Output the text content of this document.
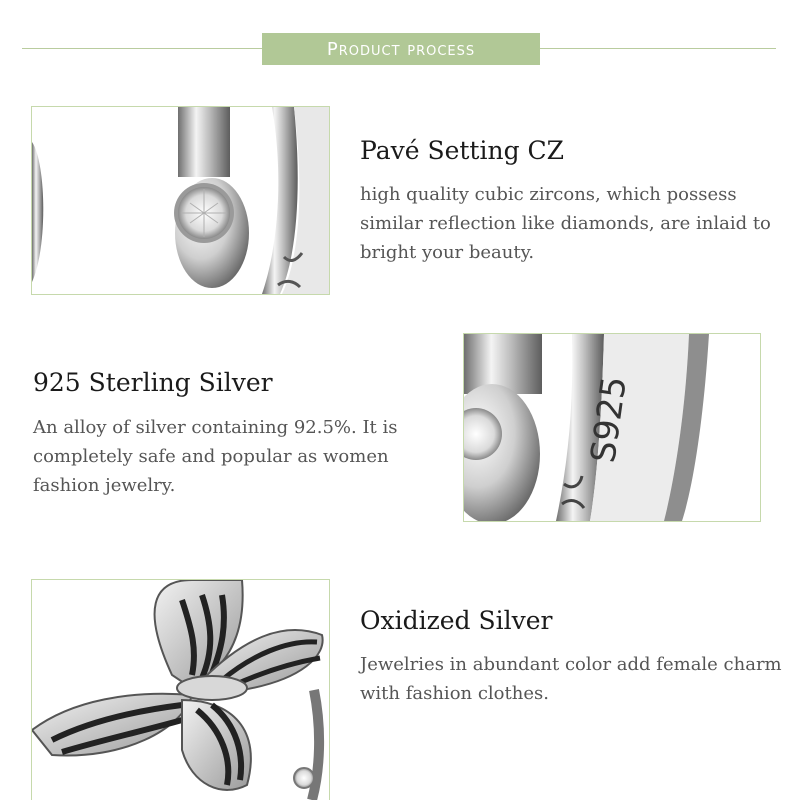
Product process
Pavé Setting CZ

high quality cubic zircons, which possess similar reflection like diamonds, are inlaid to bright your beauty.

925 Sterling Silver

An alloy of silver containing 92.5%. It is completely safe and popular as women fashion jewelry.

S925
Oxidized Silver

Jewelries in abundant color add female charm with fashion clothes.
